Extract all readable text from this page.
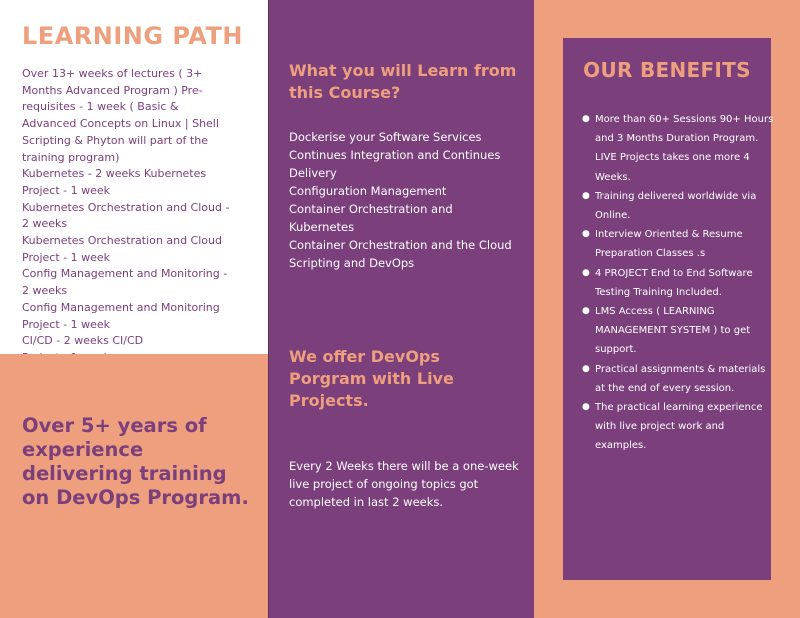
LEARNING PATH
Over 13+ weeks of lectures ( 3+ Months Advanced Program ) Pre-requisites - 1 week ( Basic & Advanced Concepts on Linux | Shell Scripting & Phyton will part of the training program)
Kubernetes - 2 weeks Kubernetes Project - 1 week
Kubernetes Orchestration and Cloud - 2 weeks
Kubernetes Orchestration and Cloud Project - 1 week
Config Management and Monitoring - 2 weeks
Config Management and Monitoring Project - 1 week
CI/CD - 2 weeks CI/CD
Over 5+ years of experience delivering training on DevOps Program.
What you will Learn from this Course?
Dockerise your Software Services
Continues Integration and Continues Delivery
Configuration Management
Container Orchestration and Kubernetes
Container Orchestration and the Cloud Scripting and DevOps
We offer DevOps Porgram with Live Projects.

Every 2 Weeks there will be a one-week live project of ongoing topics got completed in last 2 weeks.

OUR BENEFITS
● More than 60+ Sessions 90+ Hours and 3 Months Duration Program. LIVE Projects takes one more 4 Weeks.
● Training delivered worldwide via Online.
● Interview Oriented & Resume Preparation Classes .s
● 4 PROJECT End to End Software Testing Training Included.
● LMS Access ( LEARNING MANAGEMENT SYSTEM ) to get support.
● Practical assignments & materials at the end of every session.
● The practical learning experience with live project work and examples.
